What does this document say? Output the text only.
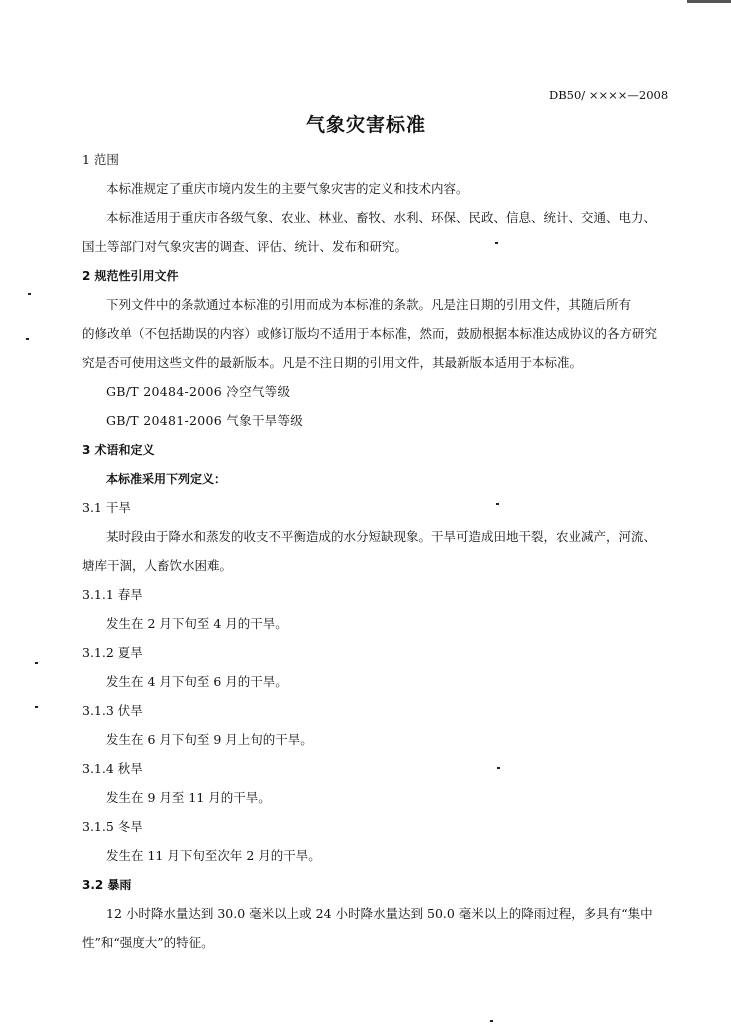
DB50/ ××××—2008
气象灾害标准
1 范围
本标准规定了重庆市境内发生的主要气象灾害的定义和技术内容。
本标准适用于重庆市各级气象、农业、林业、畜牧、水利、环保、民政、信息、统计、交通、电力、
国土等部门对气象灾害的调查、评估、统计、发布和研究。
2 规范性引用文件
下列文件中的条款通过本标准的引用而成为本标准的条款。凡是注日期的引用文件，其随后所有
的修改单（不包括勘误的内容）或修订版均不适用于本标准，然而，鼓励根据本标准达成协议的各方研究
究是否可使用这些文件的最新版本。凡是不注日期的引用文件，其最新版本适用于本标准。
GB/T 20484-2006 冷空气等级
GB/T 20481-2006 气象干旱等级
3 术语和定义
本标准采用下列定义：
3.1 干旱
某时段由于降水和蒸发的收支不平衡造成的水分短缺现象。干旱可造成田地干裂，农业减产，河流、
塘库干涸，人畜饮水困难。
3.1.1 春旱
发生在 2 月下旬至 4 月的干旱。
3.1.2 夏旱
发生在 4 月下旬至 6 月的干旱。
3.1.3 伏旱
发生在 6 月下旬至 9 月上旬的干旱。
3.1.4 秋旱
发生在 9 月至 11 月的干旱。
3.1.5 冬旱
发生在 11 月下旬至次年 2 月的干旱。
3.2 暴雨
12 小时降水量达到 30.0 毫米以上或 24 小时降水量达到 50.0 毫米以上的降雨过程，多具有“集中
性”和“强度大”的特征。
